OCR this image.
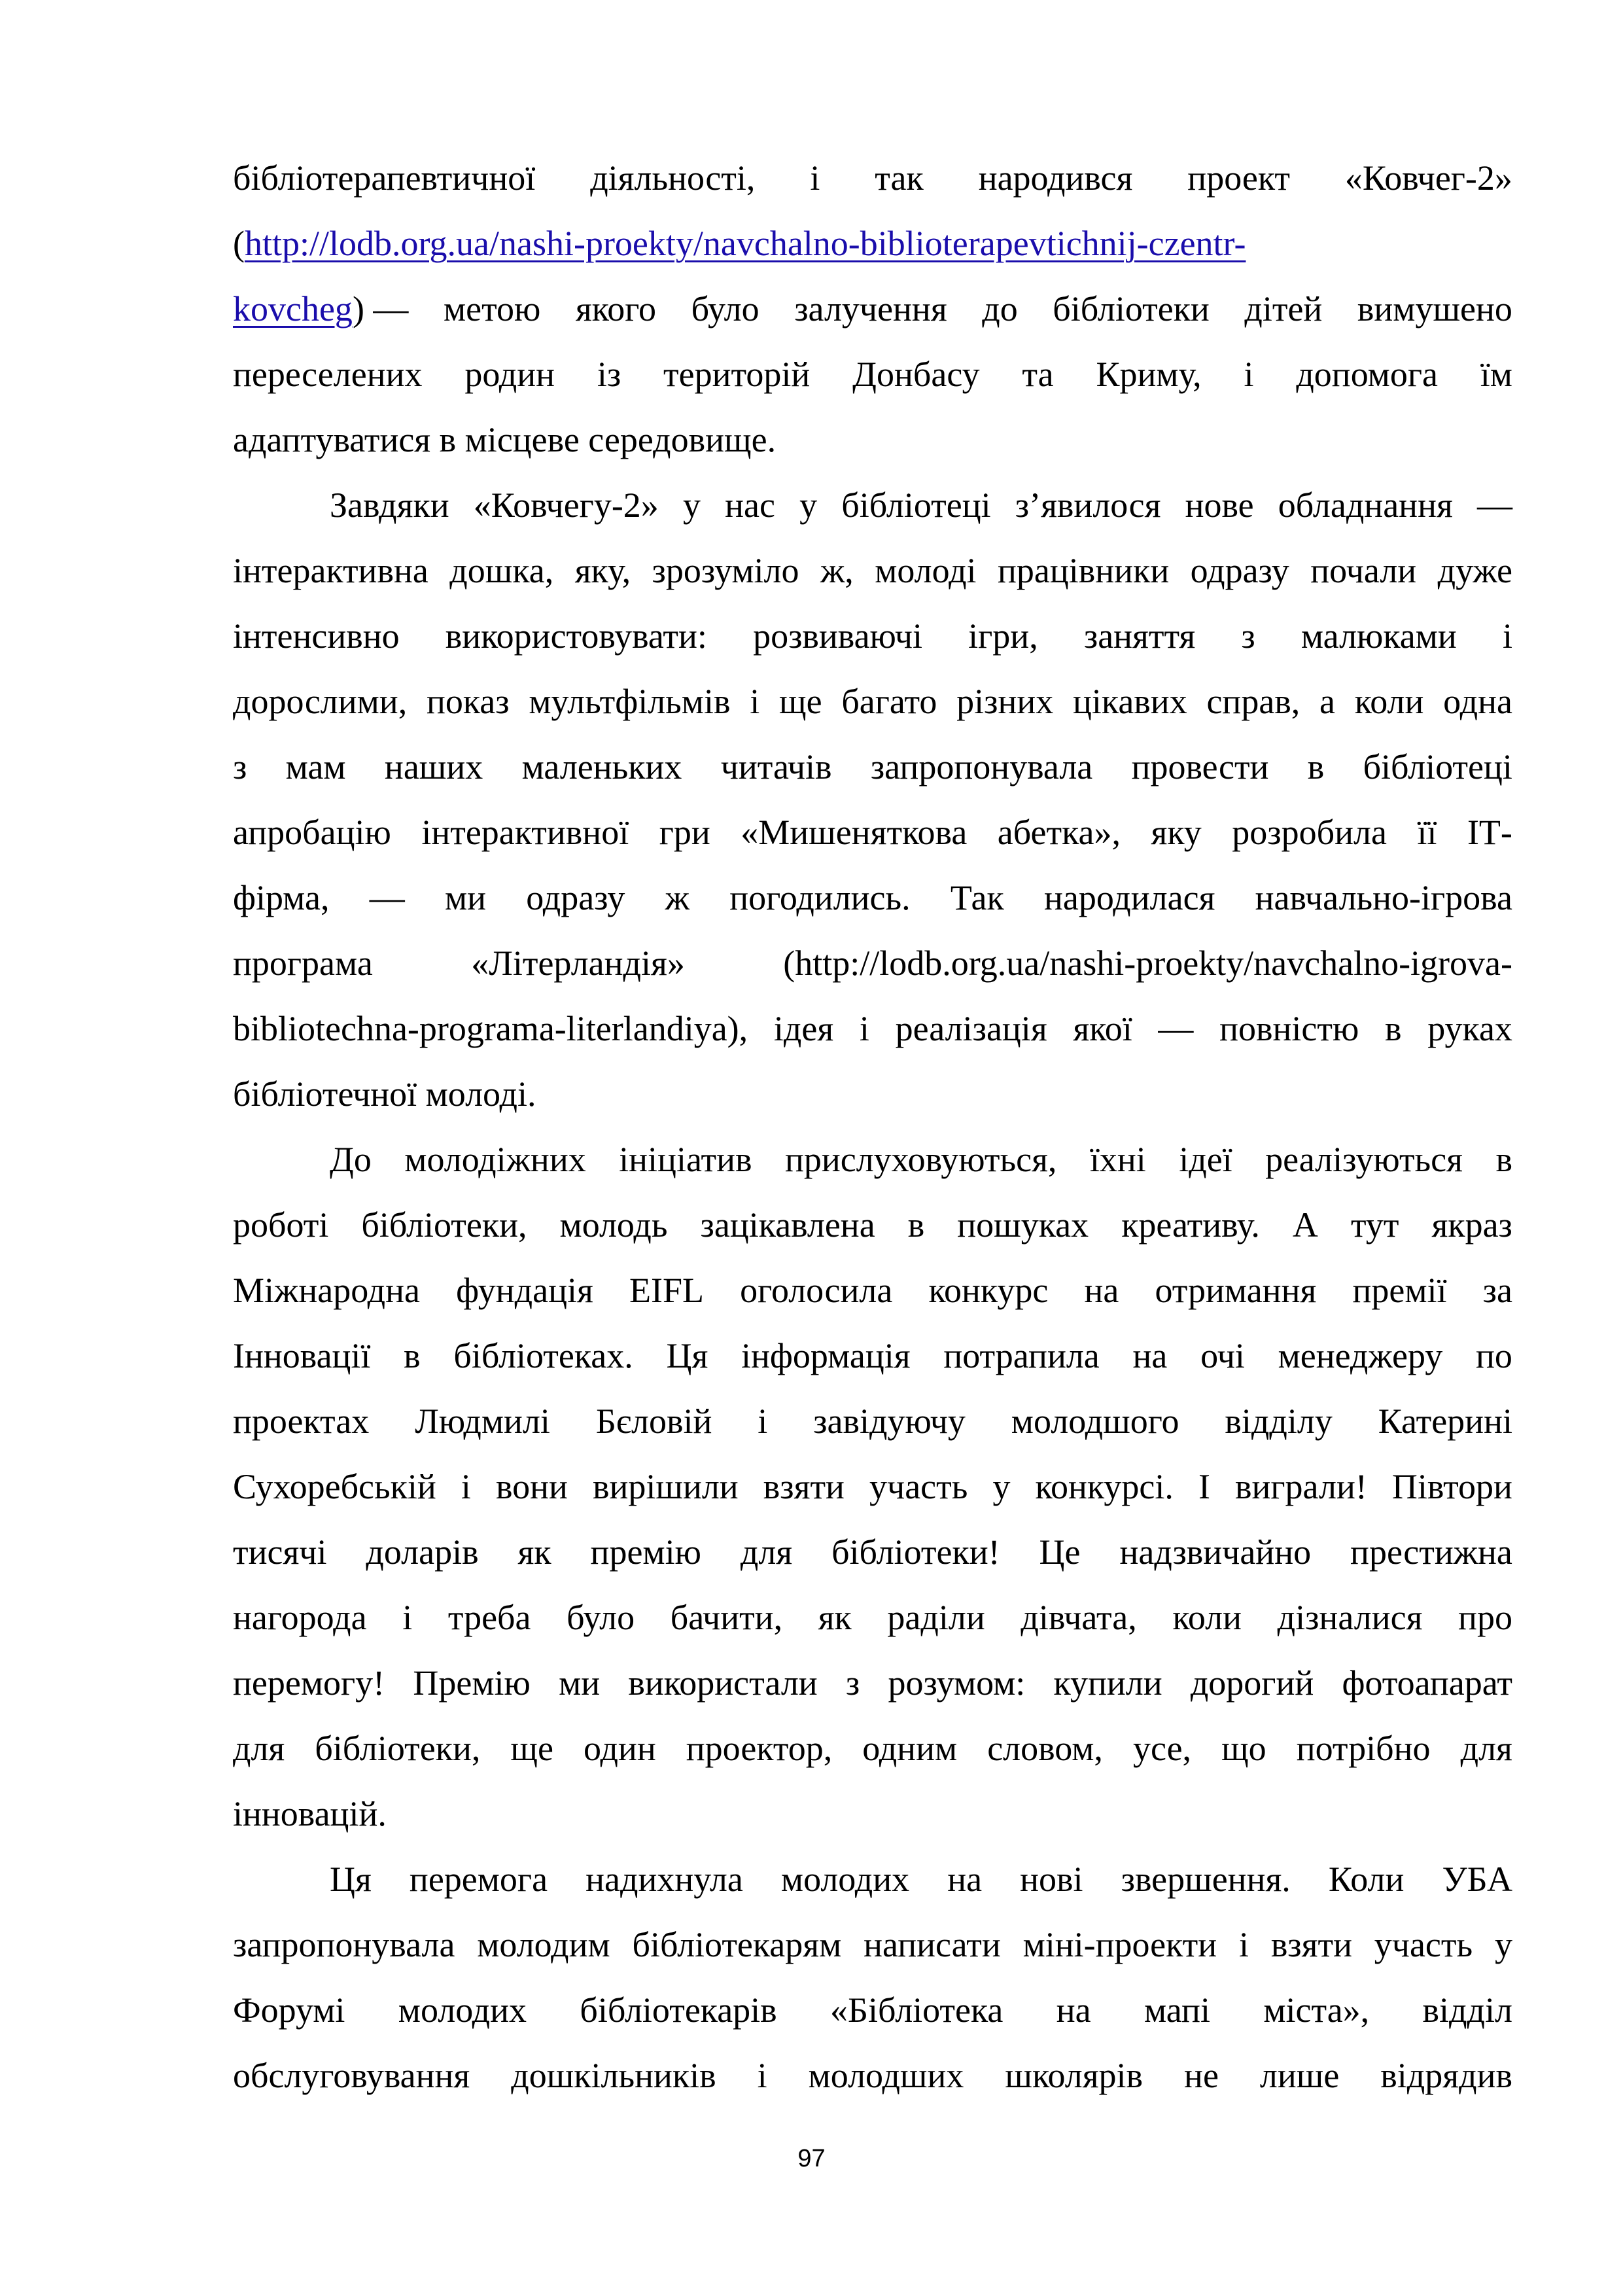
бібліотерапевтичної діяльності, і так народився проект «Ковчег-2»
(http://lodb.org.ua/nashi-proekty/navchalno-biblioterapevtichnij-czentr-
kovcheg) — метою якого було залучення до бібліотеки дітей вимушено
переселених родин із територій Донбасу та Криму, і допомога їм
адаптуватися в місцеве середовище.
Завдяки «Ковчегу-2» у нас у бібліотеці з’явилося нове обладнання —
інтерактивна дошка, яку, зрозуміло ж, молоді працівники одразу почали дуже
інтенсивно використовувати: розвиваючі ігри, заняття з малюками і
дорослими, показ мультфільмів і ще багато різних цікавих справ, а коли одна
з мам наших маленьких читачів запропонувала провести в бібліотеці
апробацію інтерактивної гри «Мишеняткова абетка», яку розробила її ІТ-
фірма, — ми одразу ж погодились. Так народилася навчально-ігрова
програма	«Літерландія»	(http://lodb.org.ua/nashi-proekty/navchalno-igrova-
bibliotechna-programa-literlandiya), ідея і реалізація якої — повністю в руках
бібліотечної молоді.
До молодіжних ініціатив прислуховуються, їхні ідеї реалізуються в
роботі бібліотеки, молодь зацікавлена в пошуках креативу. А тут якраз
Міжнародна фундація EIFL оголосила конкурс на отримання премії за
Інновації в бібліотеках. Ця інформація потрапила на очі менеджеру по
проектах Людмилі Бєловій і завідуючу молодшого відділу Катерині
Сухоребській і вони вирішили взяти участь у конкурсі. І виграли! Півтори
тисячі доларів як премію для бібліотеки! Це надзвичайно престижна
нагорода і треба було бачити, як раділи дівчата, коли дізналися про
перемогу! Премію ми використали з розумом: купили дорогий фотоапарат
для бібліотеки, ще один проектор, одним словом, усе, що потрібно для
інновацій.
Ця перемога надихнула молодих на нові звершення. Коли УБА
запропонувала молодим бібліотекарям написати міні-проекти і взяти участь у
Форумі молодих бібліотекарів «Бібліотека на мапі міста», відділ
обслуговування дошкільників і молодших школярів не лише відрядив
97
